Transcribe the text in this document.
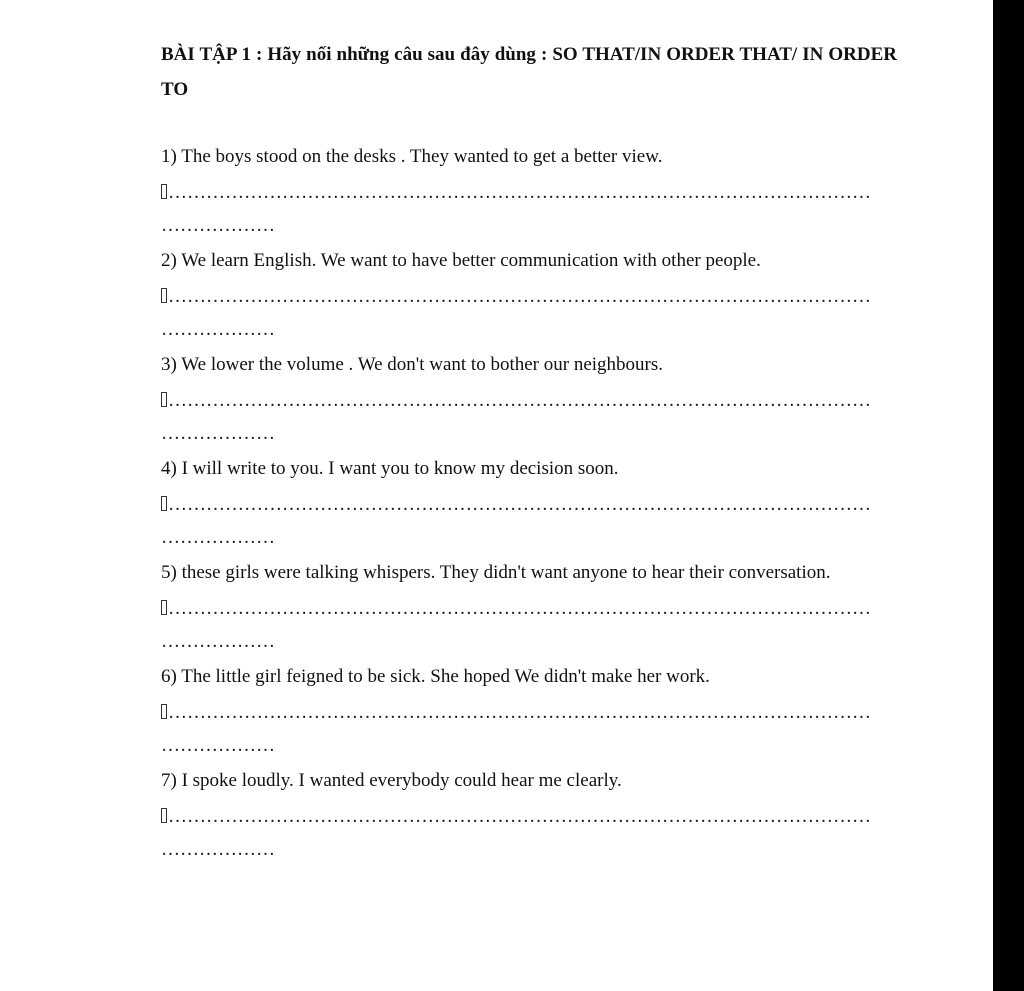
BÀI TẬP 1 : Hãy nối những câu sau đây dùng : SO THAT/IN ORDER THAT/ IN ORDER TO
1) The boys stood on the desks . They wanted to get a better view.
…………………………………………………………………………………………………
………………
2) We learn English. We want to have better communication with other people.
…………………………………………………………………………………………………
………………
3) We lower the volume . We don't want to bother our neighbours.
…………………………………………………………………………………………………
………………
4) I will write to you. I want you to know my decision soon.
…………………………………………………………………………………………………
………………
5) these girls were talking whispers. They didn't want anyone to hear their conversation.
…………………………………………………………………………………………………
………………
6) The little girl feigned to be sick. She hoped We didn't make her work.
…………………………………………………………………………………………………
………………
7) I spoke loudly. I wanted everybody could hear me clearly.
…………………………………………………………………………………………………
………………
